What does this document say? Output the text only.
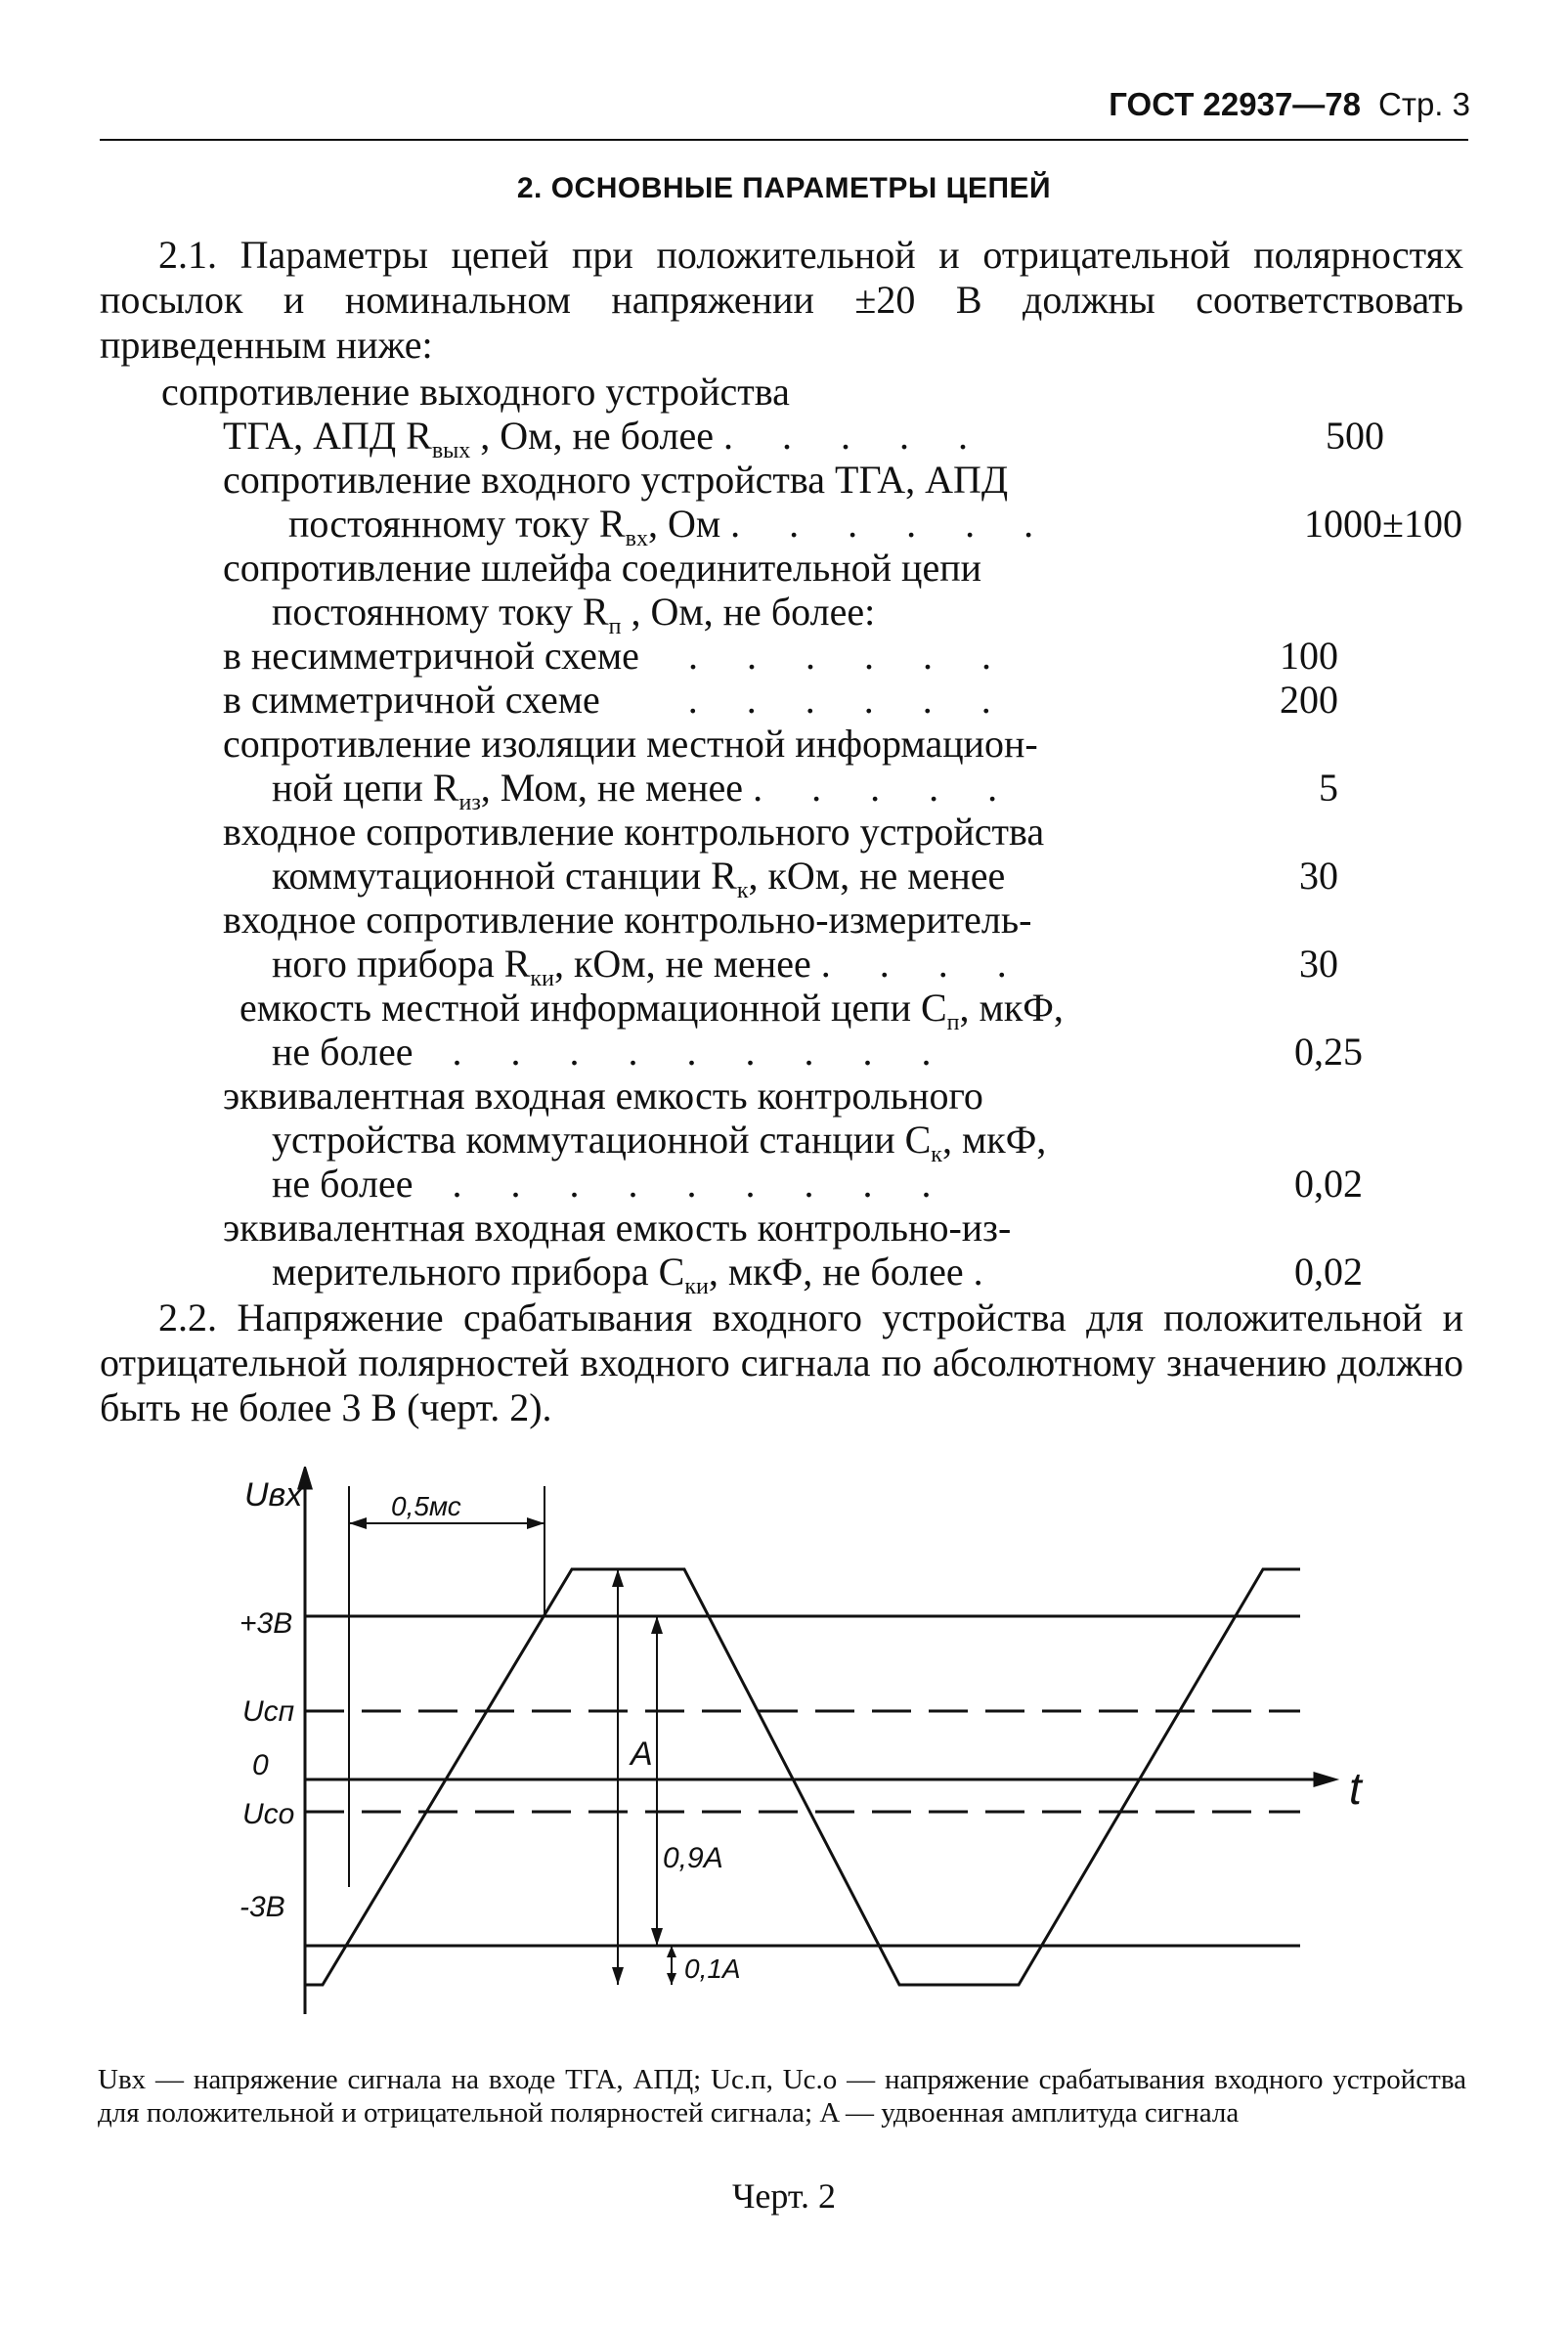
ГОСТ 22937—78 Стр. 3
2. ОСНОВНЫЕ ПАРАМЕТРЫ ЦЕПЕЙ
2.1. Параметры цепей при положительной и отрицательной полярностях посылок и номинальном напряжении ±20 В должны соответствовать приведенным ниже:
сопротивление выходного устройства
ТГА, АПД $R_{вых}$ , Ом, не более . . . . .	500
сопротивление входного устройства ТГА, АПД
постоянному току $R_{вх}$, Ом . . . . . .	1000±100
сопротивление шлейфа соединительной цепи
постоянному току $R_п$ , Ом, не более:
в несимметричной схеме . . . . . .	100
в симметричной схеме . . . . . .	200
сопротивление изоляции местной информацион-
ной цепи $R_{из}$, Мом, не менее . . . . .	5
входное сопротивление контрольного устройства
коммутационной станции $R_к$, кОм, не менее	30
входное сопротивление контрольно-измеритель-
ного прибора $R_{ки}$, кОм, не менее . . . .	30
емкость местной информационной цепи $C_п$, мкФ,
не более . . . . . . . . .	0,25
эквивалентная входная емкость контрольного
устройства коммутационной станции $C_к$, мкФ,
не более . . . . . . . . .	0,02
эквивалентная входная емкость контрольно-из-
мерительного прибора $C_{ки}$, мкФ, не более .	0,02
2.2. Напряжение срабатывания входного устройства для положительной и отрицательной полярностей входного сигнала по абсолютному значению должно быть не более 3 В (черт. 2).
Uвх
t
0,5мс
+3В
Uсп
0
Uсо
-3В
A
0,9A
0,1A
Uвх — напряжение сигнала на входе ТГА, АПД; Uс.п, Uс.о — напряжение срабатывания входного устройства для положительной и отрицательной полярностей сигнала; A — удвоенная амплитуда сигнала
Черт. 2
